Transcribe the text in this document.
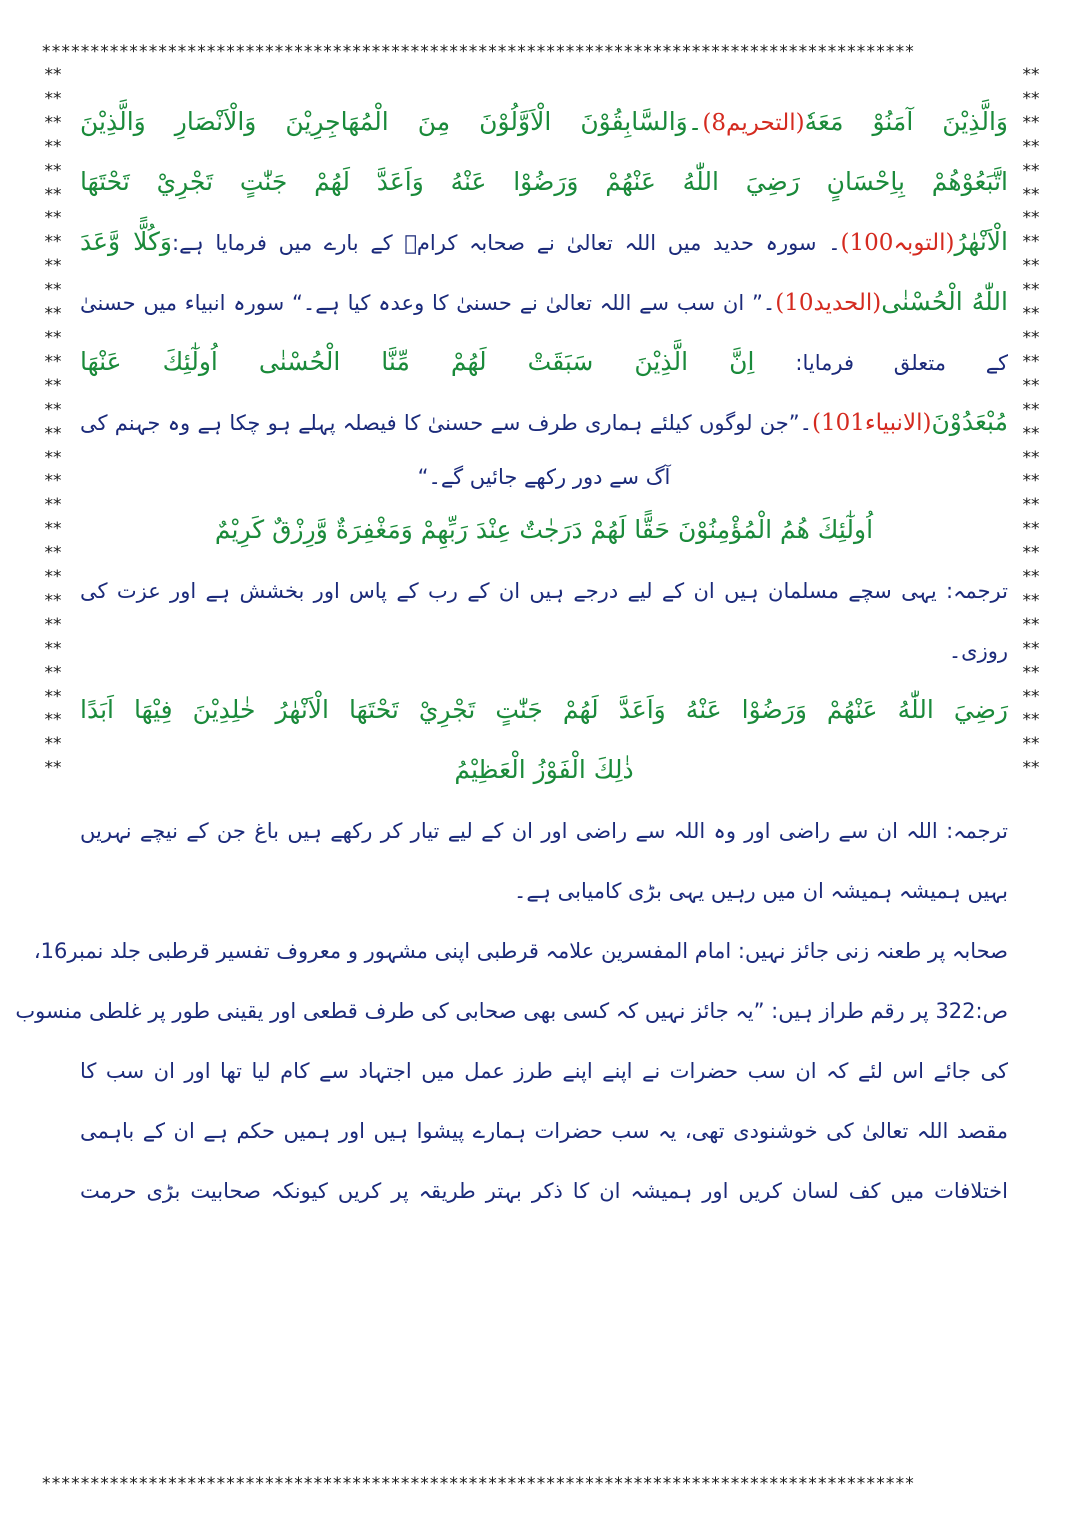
******************************************************************************************
************************************************************
************************************************************
******************************************************************************************
وَالَّذِيْنَ آمَنُوْ مَعَهٗ(التحريم8)۔وَالسَّابِقُوْنَ الْاَوَّلُوْنَ مِنَ الْمُهَاجِرِيْنَ وَالْاَنْصَارِ وَالَّذِيْنَ
اتَّبَعُوْهُمْ بِاِحْسَانٍ رَضِيَ اللّٰهُ عَنْهُمْ وَرَضُوْا عَنْهُ وَاَعَدَّ لَهُمْ جَنّٰتٍ تَجْرِيْ تَحْتَهَا
الْاَنْهٰرُ(التوبہ100)۔ سورہ حدید میں اللہ تعالیٰ نے صحابہ کرامؓ کے بارے میں فرمایا ہے:وَكُلًّا وَّعَدَ
اللّٰهُ الْحُسْنٰى(الحدید10)۔” ان سب سے اللہ تعالیٰ نے حسنیٰ کا وعدہ کیا ہے۔“ سورہ انبیاء میں حسنیٰ
کے متعلق فرمایا: اِنَّ الَّذِيْنَ سَبَقَتْ لَهُمْ مِّنَّا الْحُسْنٰى اُولٰٓئِكَ عَنْهَا
مُبْعَدُوْنَ(الانبیاء101)۔”جن لوگوں کیلئے ہماری طرف سے حسنیٰ کا فیصلہ پہلے ہو چکا ہے وہ جہنم کی
آگ سے دور رکھے جائیں گے۔“
اُولٰٓئِكَ هُمُ الْمُؤْمِنُوْنَ حَقًّا لَهُمْ دَرَجٰتٌ عِنْدَ رَبِّهِمْ وَمَغْفِرَةٌ وَّرِزْقٌ كَرِيْمٌ
ترجمہ: یہی سچے مسلمان ہیں ان کے لیے درجے ہیں ان کے رب کے پاس اور بخشش ہے اور عزت کی
روزی۔
رَضِيَ اللّٰهُ عَنْهُمْ وَرَضُوْا عَنْهُ وَاَعَدَّ لَهُمْ جَنّٰتٍ تَجْرِيْ تَحْتَهَا الْاَنْهٰرُ خٰلِدِيْنَ فِيْهَا اَبَدًا
ذٰلِكَ الْفَوْزُ الْعَظِيْمُ
ترجمہ: اللہ ان سے راضی اور وہ اللہ سے راضی اور ان کے لیے تیار کر رکھے ہیں باغ جن کے نیچے نہریں
بہیں ہمیشہ ہمیشہ ان میں رہیں یہی بڑی کامیابی ہے۔
صحابہ پر طعنہ زنی جائز نہیں: امام المفسرین علامہ قرطبی اپنی مشہور و معروف تفسیر قرطبی جلد نمبر16،
ص:322 پر رقم طراز ہیں: ”یہ جائز نہیں کہ کسی بھی صحابی کی طرف قطعی اور یقینی طور پر غلطی منسوب
کی جائے اس لئے کہ ان سب حضرات نے اپنے اپنے طرز عمل میں اجتہاد سے کام لیا تھا اور ان سب کا
مقصد اللہ تعالیٰ کی خوشنودی تھی، یہ سب حضرات ہمارے پیشوا ہیں اور ہمیں حکم ہے ان کے باہمی
اختلافات میں کف لسان کریں اور ہمیشہ ان کا ذکر بہتر طریقہ پر کریں کیونکہ صحابیت بڑی حرمت
